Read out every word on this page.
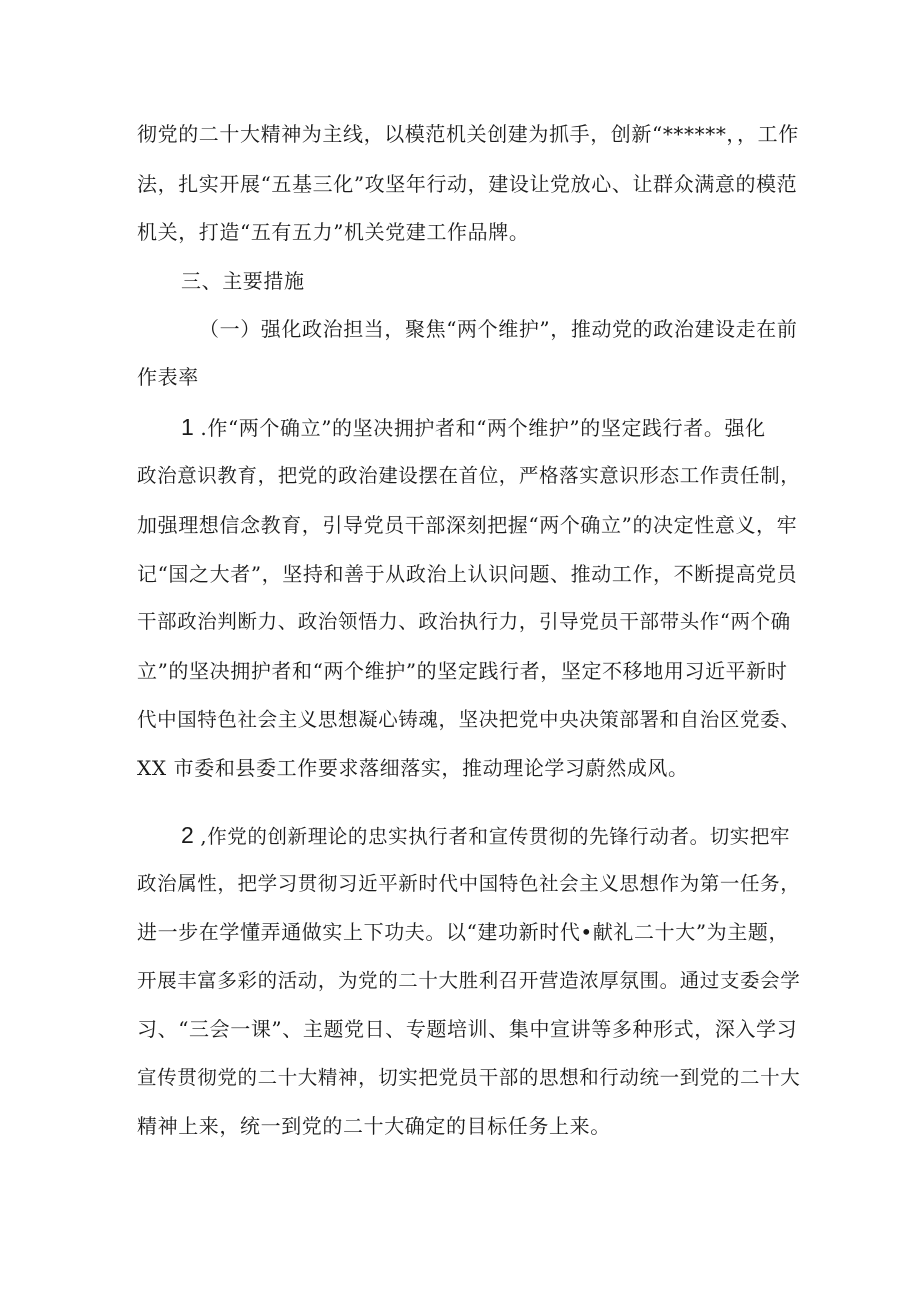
彻党的二十大精神为主线，以模范机关创建为抓手，创新“******，，工作
法，扎实开展“五基三化”攻坚年行动，建设让党放心、让群众满意的模范
机关，打造“五有五力”机关党建工作品牌。
三、主要措施
（一）强化政治担当，聚焦“两个维护”，推动党的政治建设走在前
作表率
1 .作“两个确立”的坚决拥护者和“两个维护”的坚定践行者。强化
政治意识教育，把党的政治建设摆在首位，严格落实意识形态工作责任制，
加强理想信念教育，引导党员干部深刻把握“两个确立”的决定性意义，牢
记“国之大者”，坚持和善于从政治上认识问题、推动工作，不断提高党员
干部政治判断力、政治领悟力、政治执行力，引导党员干部带头作“两个确
立”的坚决拥护者和“两个维护”的坚定践行者，坚定不移地用习近平新时
代中国特色社会主义思想凝心铸魂，坚决把党中央决策部署和自治区党委、
XX 市委和县委工作要求落细落实，推动理论学习蔚然成风。
2 ,作党的创新理论的忠实执行者和宣传贯彻的先锋行动者。切实把牢
政治属性，把学习贯彻习近平新时代中国特色社会主义思想作为第一任务，
进一步在学懂弄通做实上下功夫。以“建功新时代•献礼二十大”为主题，
开展丰富多彩的活动，为党的二十大胜利召开营造浓厚氛围。通过支委会学
习、“三会一课”、主题党日、专题培训、集中宣讲等多种形式，深入学习
宣传贯彻党的二十大精神，切实把党员干部的思想和行动统一到党的二十大
精神上来，统一到党的二十大确定的目标任务上来。
